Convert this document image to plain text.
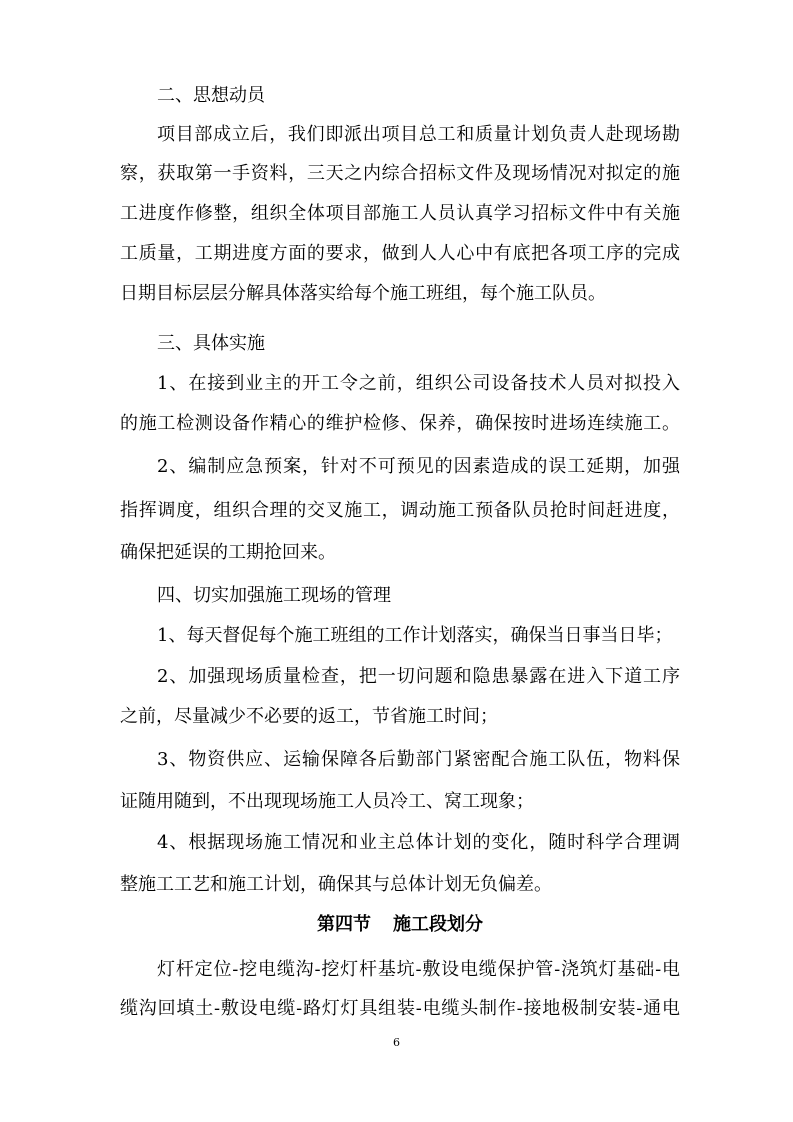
二、思想动员
项目部成立后，我们即派出项目总工和质量计划负责人赴现场勘
察，获取第一手资料，三天之内综合招标文件及现场情况对拟定的施
工进度作修整，组织全体项目部施工人员认真学习招标文件中有关施
工质量，工期进度方面的要求，做到人人心中有底把各项工序的完成
日期目标层层分解具体落实给每个施工班组，每个施工队员。
三、具体实施
1、在接到业主的开工令之前，组织公司设备技术人员对拟投入
的施工检测设备作精心的维护检修、保养，确保按时进场连续施工。
2、编制应急预案，针对不可预见的因素造成的误工延期，加强
指挥调度，组织合理的交叉施工，调动施工预备队员抢时间赶进度，
确保把延误的工期抢回来。
四、切实加强施工现场的管理
1、每天督促每个施工班组的工作计划落实，确保当日事当日毕；
2、加强现场质量检查，把一切问题和隐患暴露在进入下道工序
之前，尽量减少不必要的返工，节省施工时间；
3、物资供应、运输保障各后勤部门紧密配合施工队伍，物料保
证随用随到，不出现现场施工人员冷工、窝工现象；
4、根据现场施工情况和业主总体计划的变化，随时科学合理调
整施工工艺和施工计划，确保其与总体计划无负偏差。
第四节 施工段划分
灯杆定位-挖电缆沟-挖灯杆基坑-敷设电缆保护管-浇筑灯基础-电
缆沟回填土-敷设电缆-路灯灯具组装-电缆头制作-接地极制安装-通电
6
